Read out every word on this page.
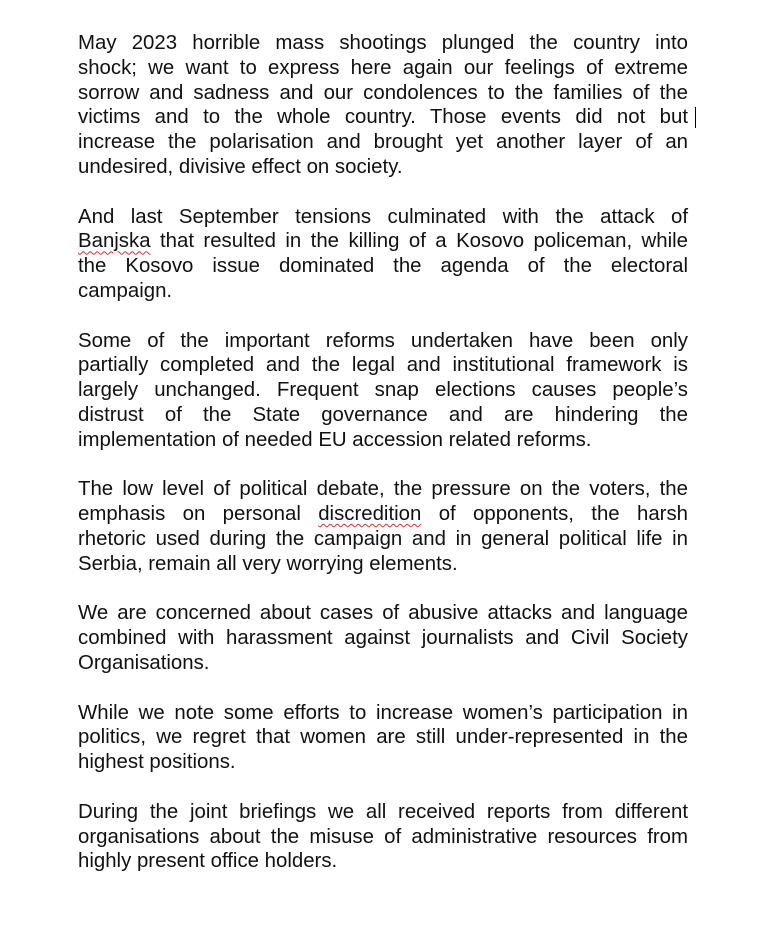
May 2023 horrible mass shootings plunged the country into
shock; we want to express here again our feelings of extreme
sorrow and sadness and our condolences to the families of the
victims and to the whole country. Those events did not but
increase the polarisation and brought yet another layer of an
undesired, divisive effect on society.
And last September tensions culminated with the attack of
Banjska that resulted in the killing of a Kosovo policeman, while
the Kosovo issue dominated the agenda of the electoral
campaign.
Some of the important reforms undertaken have been only
partially completed and the legal and institutional framework is
largely unchanged. Frequent snap elections causes people’s
distrust of the State governance and are hindering the
implementation of needed EU accession related reforms.
The low level of political debate, the pressure on the voters, the
emphasis on personal discredition of opponents, the harsh
rhetoric used during the campaign and in general political life in
Serbia, remain all very worrying elements.
We are concerned about cases of abusive attacks and language
combined with harassment against journalists and Civil Society
Organisations.
While we note some efforts to increase women’s participation in
politics, we regret that women are still under-represented in the
highest positions.
During the joint briefings we all received reports from different
organisations about the misuse of administrative resources from
highly present office holders.
